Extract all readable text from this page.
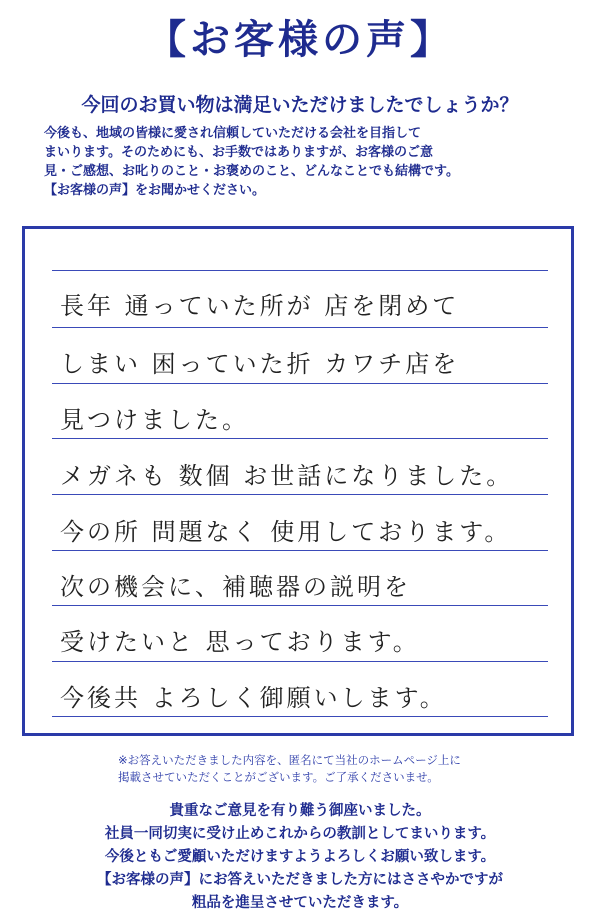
【お客様の声】
今回のお買い物は満足いただけましたでしょうか？
今後も、地域の皆様に愛され信頼していただける会社を目指して
まいります。そのためにも、お手数ではありますが、お客様のご意
見・ご感想、お叱りのこと・お褒めのこと、どんなことでも結構です。
【お客様の声】をお聞かせください。
長年 通っていた所が 店を閉めて
しまい 困っていた折 カワチ店を
見つけました。
メガネも 数個 お世話になりました。
今の所 問題なく 使用しております。
次の機会に、補聴器の説明を
受けたいと 思っております。
今後共 よろしく御願いします。
※お答えいただきました内容を、匿名にて当社のホームページ上に
掲載させていただくことがございます。ご了承くださいませ。
貴重なご意見を有り難う御座いました。
社員一同切実に受け止めこれからの教訓としてまいります。
今後ともご愛顧いただけますようよろしくお願い致します。
【お客様の声】にお答えいただきました方にはささやかですが
粗品を進呈させていただきます。
